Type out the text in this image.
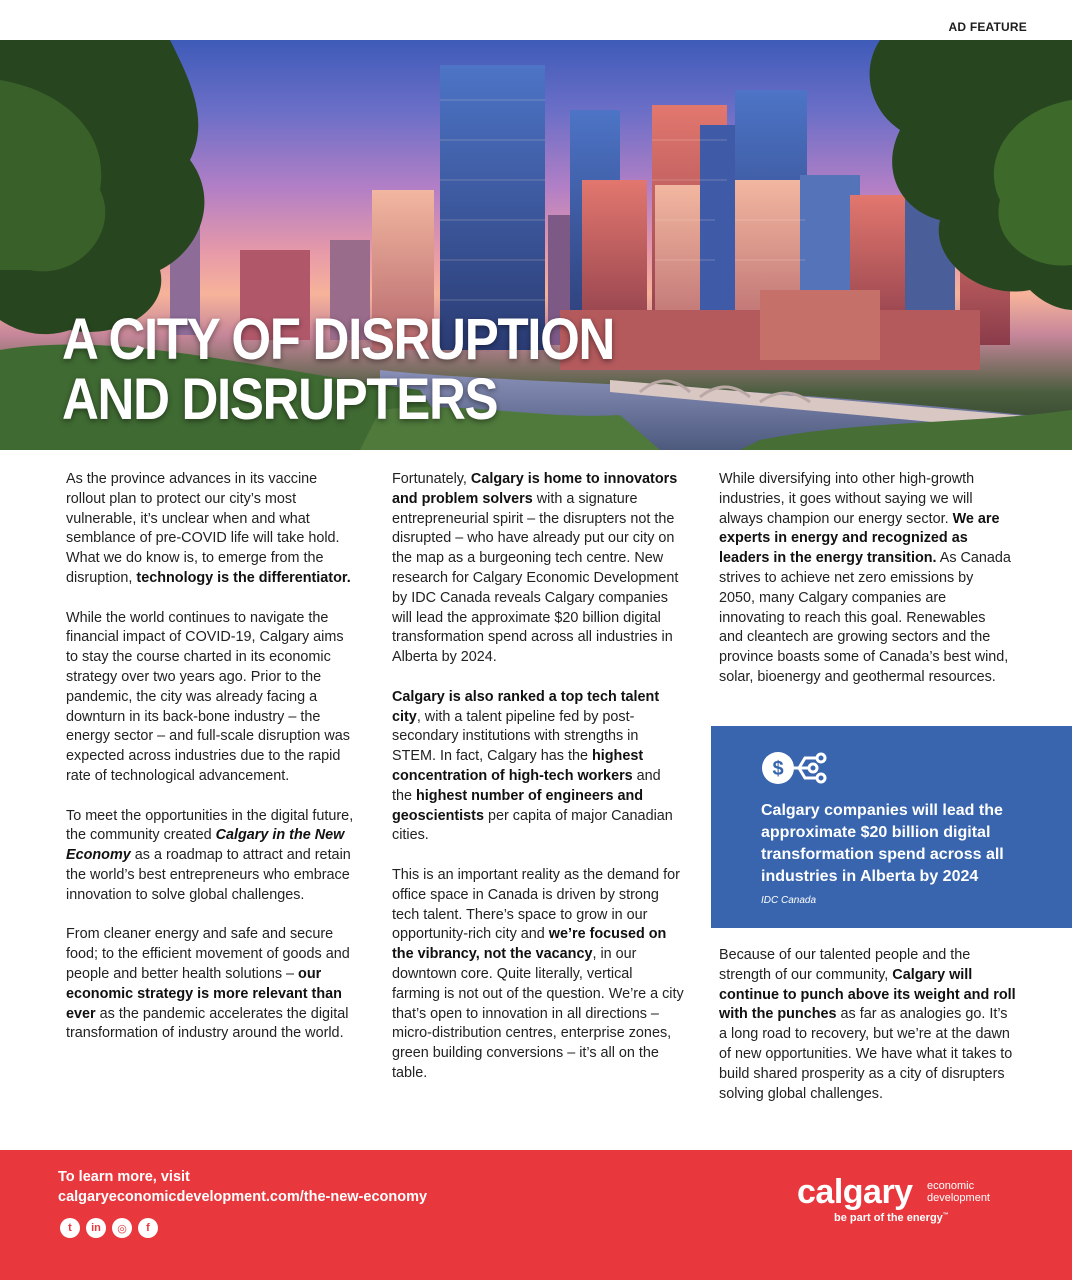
AD FEATURE
A CITY OF DISRUPTION
AND DISRUPTERS

As the province advances in its vaccine rollout plan to protect our city’s most vulnerable, it’s unclear when and what semblance of pre-COVID life will take hold. What we do know is, to emerge from the disruption, technology is the differentiator.

While the world continues to navigate the financial impact of COVID-19, Calgary aims to stay the course charted in its economic strategy over two years ago. Prior to the pandemic, the city was already facing a downturn in its back-bone industry – the energy sector – and full-scale disruption was expected across industries due to the rapid rate of technological advancement.

To meet the opportunities in the digital future, the community created Calgary in the New Economy as a roadmap to attract and retain the world’s best entrepreneurs who embrace innovation to solve global challenges.

From cleaner energy and safe and secure food; to the efficient movement of goods and people and better health solutions – our economic strategy is more relevant than ever as the pandemic accelerates the digital transformation of industry around the world.

Fortunately, Calgary is home to innovators and problem solvers with a signature entrepreneurial spirit – the disrupters not the disrupted – who have already put our city on the map as a burgeoning tech centre. New research for Calgary Economic Development by IDC Canada reveals Calgary companies will lead the approximate $20 billion digital transformation spend across all industries in Alberta by 2024.

Calgary is also ranked a top tech talent city, with a talent pipeline fed by post-secondary institutions with strengths in STEM. In fact, Calgary has the highest concentration of high-tech workers and the highest number of engineers and geoscientists per capita of major Canadian cities.

This is an important reality as the demand for office space in Canada is driven by strong tech talent. There’s space to grow in our opportunity-rich city and we’re focused on the vibrancy, not the vacancy, in our downtown core. Quite literally, vertical farming is not out of the question. We’re a city that’s open to innovation in all directions – micro-distribution centres, enterprise zones, green building conversions – it’s all on the table.

While diversifying into other high-growth industries, it goes without saying we will always champion our energy sector. We are experts in energy and recognized as leaders in the energy transition. As Canada strives to achieve net zero emissions by 2050, many Calgary companies are innovating to reach this goal. Renewables and cleantech are growing sectors and the province boasts some of Canada’s best wind, solar, bioenergy and geothermal resources.

$
Calgary companies will lead the approximate $20 billion digital transformation spend across all industries in Alberta by 2024
IDC Canada

Because of our talented people and the strength of our community, Calgary will continue to punch above its weight and roll with the punches as far as analogies go. It’s a long road to recovery, but we’re at the dawn of new opportunities. We have what it takes to build shared prosperity as a city of disrupters solving global challenges.

To learn more, visit
calgaryeconomicdevelopment.com/the-new-economy
t	in	◎	f
calgary economic
development
be part of the energy™
